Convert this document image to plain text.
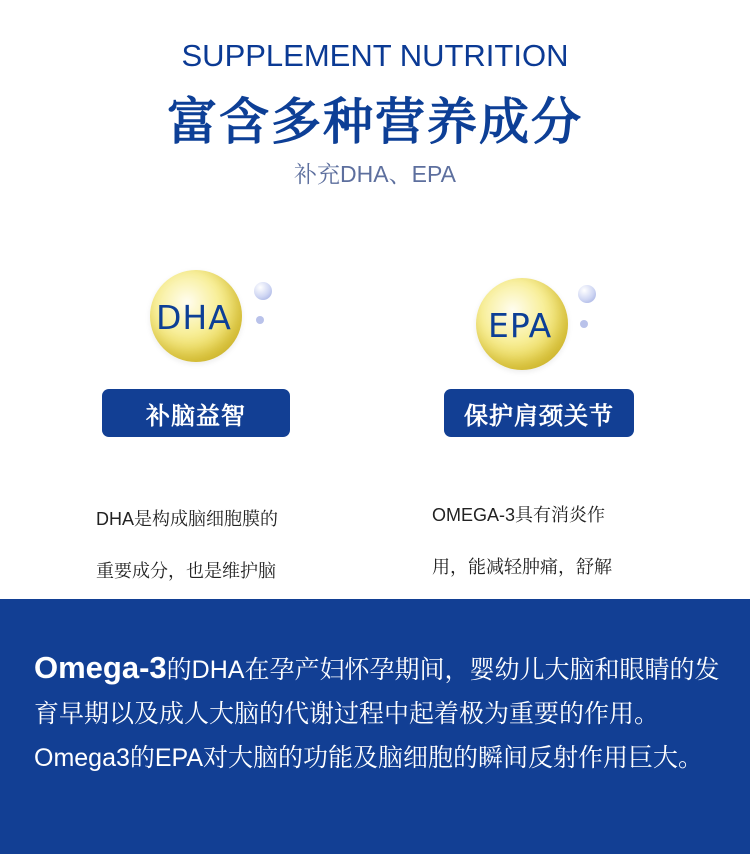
SUPPLEMENT NUTRITION
富含多种营养成分
补充DHA、EPA
DHA
补脑益智

DHA是构成脑细胞膜的

重要成分，也是维护脑

EPA
保护肩颈关节

OMEGA-3具有消炎作

用，能减轻肿痛，舒解

Omega-3的DHA在孕产妇怀孕期间，婴幼儿大脑和眼睛的发育早期以及成人大脑的代谢过程中起着极为重要的作用。Omega3的EPA对大脑的功能及脑细胞的瞬间反射作用巨大。
